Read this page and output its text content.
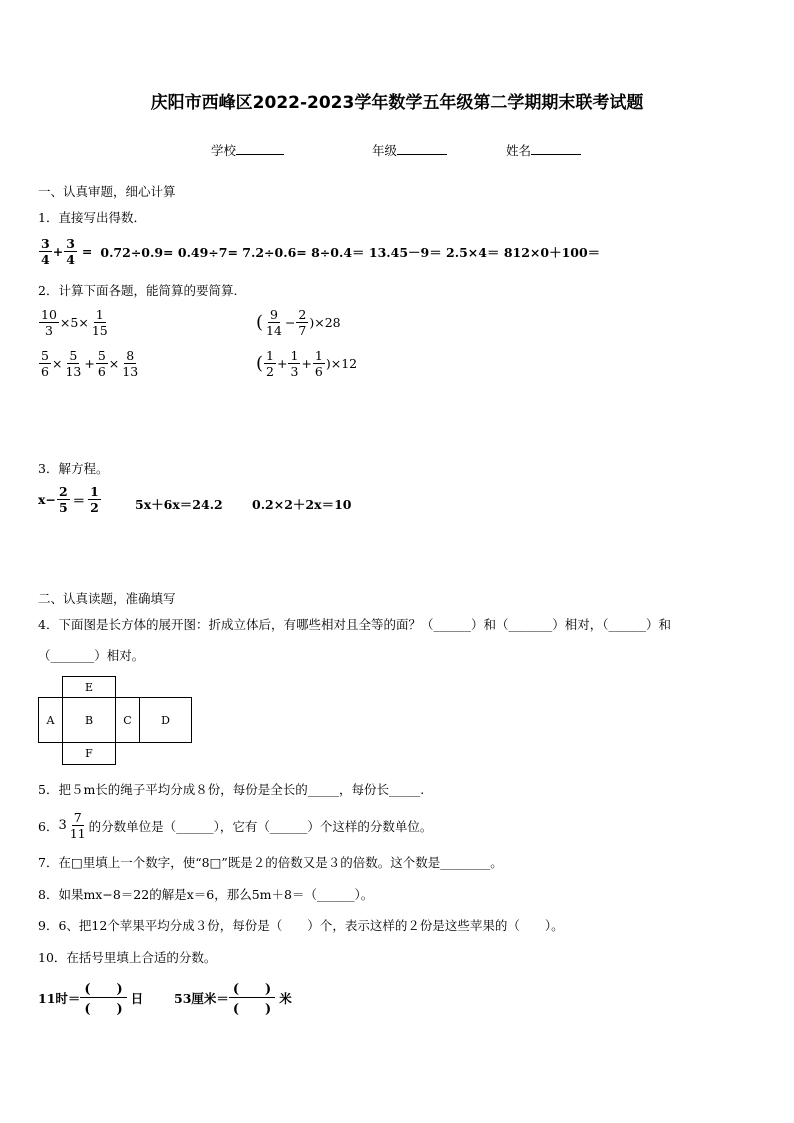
庆阳市西峰区2022-2023学年数学五年级第二学期期末联考试题
学校	年级	姓名
一、认真审题，细心计算
1．直接写出得数．
$\frac{3}{4} + \frac{3}{4} = 0.72\div 0.9= 0.49\div 7= 7.2\div 0.6= 8\div 0.4= 13.45-9= 2.5\times 4= 812\times 0+100=$
2．计算下面各题，能简算的要简算.
$\frac{10}{3} \times 5\times \frac{1}{15}$	( $\frac{9}{14} - \frac{2}{7} )\times 28$
$\frac{5}{6} \times \frac{5}{13} + \frac{5}{6} \times \frac{8}{13}$	( $\frac{1}{2} + \frac{1}{3} + \frac{1}{6} )\times 12$
3．解方程。
$x- \frac{2}{5} = \frac{1}{2}$	5x＋6x＝24.2 0.2×2＋2x＝10
二、认真读题，准确填写
4．下面图是长方体的展开图：折成立体后，有哪些相对且全等的面？（______）和（_______）相对，（______）和
（_______）相对。
E
A	B	C	D
F
5．把５m长的绳子平均分成８份，每份是全长的_____，每份长_____.
6． $3 \frac{7}{11}$ 的分数单位是（______），它有（______）个这样的分数单位。
7．在□里填上一个数字，使“8□”既是２的倍数又是３的倍数。这个数是________。
8．如果mx−8＝22的解是x＝6，那么5m＋8＝（______）。
9．6、把12个苹果平均分成３份，每份是（　　）个，表示这样的２份是这些苹果的（　　）。
10．在括号里填上合适的分数。
11时＝ $\frac{( )}{( )}$ 日 53厘米＝ $\frac{( )}{( )}$ 米
